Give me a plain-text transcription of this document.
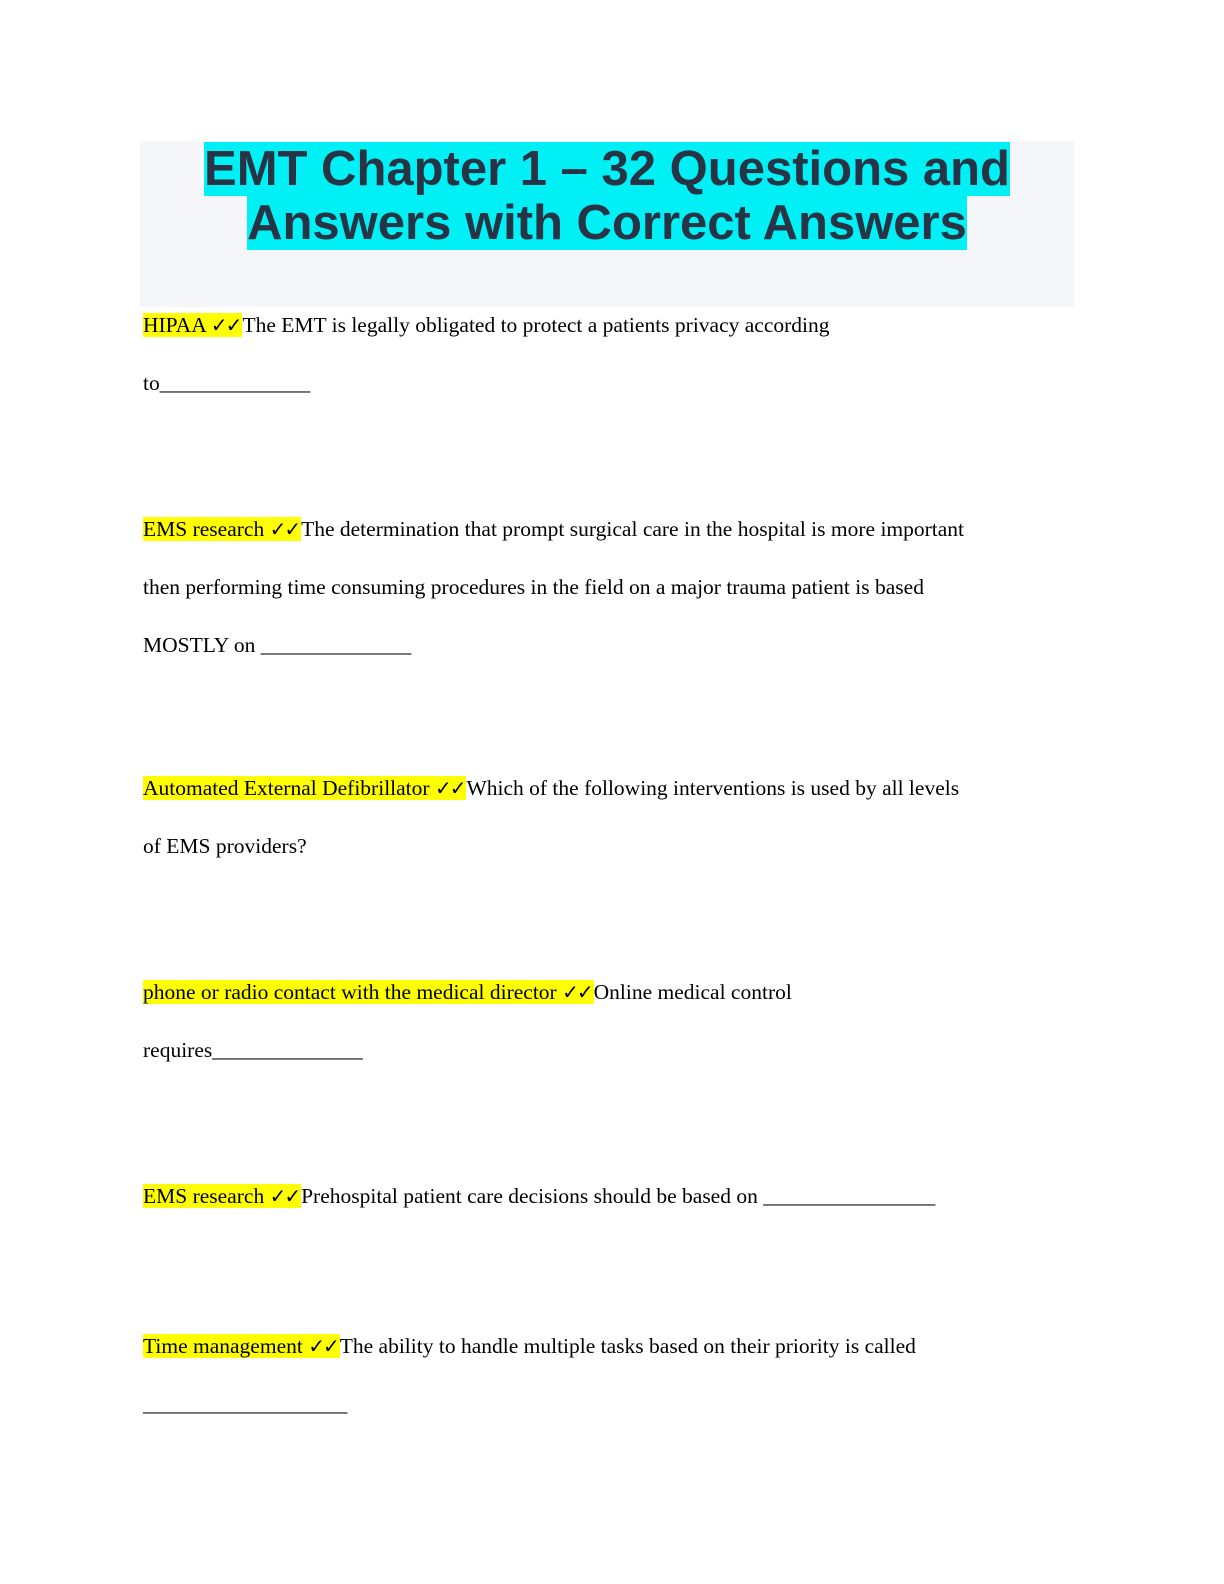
EMT Chapter 1 – 32 Questions and
Answers with Correct Answers

HIPAA ✓✓The EMT is legally obligated to protect a patients privacy according
to______________
EMS research ✓✓The determination that prompt surgical care in the hospital is more important
then performing time consuming procedures in the field on a major trauma patient is based
MOSTLY on ______________
Automated External Defibrillator ✓✓Which of the following interventions is used by all levels
of EMS providers?
phone or radio contact with the medical director ✓✓Online medical control
requires______________
EMS research ✓✓Prehospital patient care decisions should be based on ________________
Time management ✓✓The ability to handle multiple tasks based on their priority is called
___________________
